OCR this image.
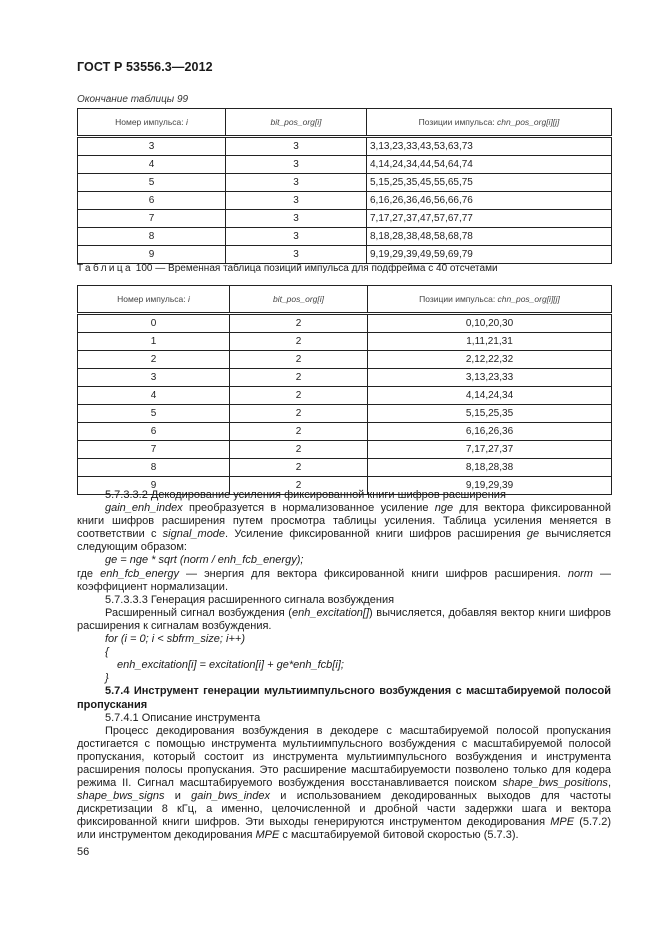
ГОСТ Р 53556.3—2012
Окончание таблицы 99
Номер импульса: i	bit_pos_org[i]	Позиции импульса: chn_pos_org[i][j]
3	3	3,13,23,33,43,53,63,73
4	3	4,14,24,34,44,54,64,74
5	3	5,15,25,35,45,55,65,75
6	3	6,16,26,36,46,56,66,76
7	3	7,17,27,37,47,57,67,77
8	3	8,18,28,38,48,58,68,78
9	3	9,19,29,39,49,59,69,79
Таблица 100 — Временная таблица позиций импульса для подфрейма с 40 отсчетами
Номер импульса: i	bit_pos_org[i]	Позиции импульса: chn_pos_org[i][j]
0	2	0,10,20,30
1	2	1,11,21,31
2	2	2,12,22,32
3	2	3,13,23,33
4	2	4,14,24,34
5	2	5,15,25,35
6	2	6,16,26,36
7	2	7,17,27,37
8	2	8,18,28,38
9	2	9,19,29,39

5.7.3.3.2 Декодирование усиления фиксированной книги шифров расширения

gain_enh_index преобразуется в нормализованное усиление nge для вектора фиксированной книги шифров расширения путем просмотра таблицы усиления. Таблица усиления меняется в соответствии с signal_mode. Усиление фиксированной книги шифров расширения ge вычисляется следующим образом:

ge = nge * sqrt (norm / enh_fcb_energy);

где enh_fcb_energy — энергия для вектора фиксированной книги шифров расширения. norm — коэффициент нормализации.

5.7.3.3.3 Генерация расширенного сигнала возбуждения

Расширенный сигнал возбуждения (enh_excitation[]) вычисляется, добавляя вектор книги шифров расширения к сигналам возбуждения.

for (i = 0; i < sbfrm_size; i++)

{

enh_excitation[i] = excitation[i] + ge*enh_fcb[i];

}

5.7.4 Инструмент генерации мультиимпульсного возбуждения с масштабируемой полосой пропускания

5.7.4.1 Описание инструмента

Процесс декодирования возбуждения в декодере с масштабируемой полосой пропускания достигается с помощью инструмента мультиимпульсного возбуждения с масштабируемой полосой пропускания, который состоит из инструмента мультиимпульсного возбуждения и инструмента расширения полосы пропускания. Это расширение масштабируемости позволено только для кодера режима II. Сигнал масштабируемого возбуждения восстанавливается поиском shape_bws_positions, shape_bws_signs и gain_bws_index и использованием декодированных выходов для частоты дискретизации 8 кГц, а именно, целочисленной и дробной части задержки шага и вектора фиксированной книги шифров. Эти выходы генерируются инструментом декодирования MPE (5.7.2) или инструментом декодирования MPE с масштабируемой битовой скоростью (5.7.3).

56
